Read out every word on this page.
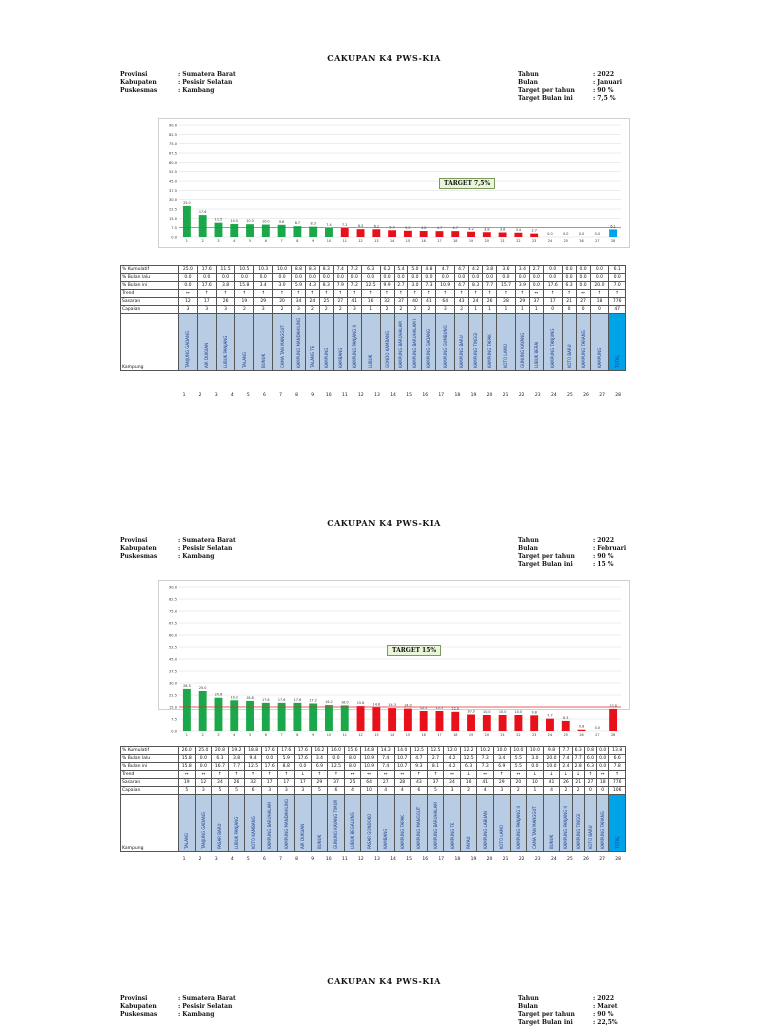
CAKUPAN K4 PWS-KIA
Provinsi	: Sumatera Barat
Kabupaten	: Pesisir Selatan
Puskesmas	: Kambang
Tahun	: 2022
Bulan	: Januari
Target per tahun	: 90 %
Target Bulan ini	: 7,5 %
0.0
7.5
15.0
22.5
30.0
37.5
45.0
52.5
60.0
67.5
75.0
82.5
90.0
25.0
1
17.6
2
11.5
3
10.5
4
10.3
5
10.0
6
9.8
7
8.7
8
8.3
9
7.4
10
7.2
11
6.3
12
6.2
13
5.4
14
5.0
15
4.8
16
4.7
17
4.7
18
4.2
19
3.8
20
3.6
21
3.4
22
2.7
23
0.0
24
0.0
25
0.0
26
0.0
27
6.1
28
TARGET 7,5%
% Kumulatif	25.0	17.6	11.5	10.5	10.3	10.0	8.8	8.3	8.3	7.4	7.2	6.3	6.2	5.4	5.0	4.8	4.7	4.7	4.2	3.8	3.6	3.4	2.7	0.0	0.0	0.0	0.0	6.1
% Bulan lalu	0.0	0.0	0.0	0.0	0.0	0.0	0.0	0.0	0.0	0.0	0.0	0.0	0.0	0.0	0.0	0.0	0.0	0.0	0.0	0.0	0.0	0.0	0.0	0.0	0.0	0.0	0.0	0.0
% Bulan ini	0.0	17.6	3.8	15.8	3.4	3.0	5.9	4.3	8.3	7.9	7.2	12.5	9.9	2.7	3.0	7.3	10.9	4.7	8.3	7.7	15.7	3.9	0.0	17.6	6.3	0.0	20.0	7.0
Trend	↔	↑	↑	↑	↑	↑	↑	↑	↑	↑	↑	↑	↑	↑	↑	↑	↑	↑	↑	↑	↑	↑	↔	↑	↑	↔	↑	↑
Sasaran	12	17	26	19	29	20	34	24	25	27	41	16	32	37	40	41	64	43	24	26	28	29	37	17	21	27	18	776
Capaian	3	3	3	2	3	2	3	2	2	2	3	1	2	2	2	2	3	2	1	1	1	1	1	0	0	0	0	47
Kampung	TANJUNG GADANG	AIR DUKUAN	LUBUK PANJANG	TALANG	BUNUK	CAMA TAN MANGGUT	KAMPUNG MANDAHILING	TALANG TE	KAMPUNG	KAMBANG	KAMPUNG PANJANG II	LUBUK	GONDO KAMBANG	KAMPUNG BARUHALAM	KAMPUNG BARUHALAM I	KAMPUNG GADANG	KAMPUNG GUMBUNG	KAMPUNG BARU	KAMPUNG TINGGI	KAMPUNG TAPAK	KOTO LAMO	GUNUNG KAYANG	LUBUK BERAI	KAMPUNG TANJUNG	KOTO BARU	KAMPUNG TARANG	KAMPUNG	TOTAL
1	2	3	4	5	6	7	8	9	10	11	12	13	14	15	16	17	18	19	20	21	22	23	24	25	26	27	28
CAKUPAN K4 PWS-KIA
Provinsi	: Sumatera Barat
Kabupaten	: Pesisir Selatan
Puskesmas	: Kambang
Tahun	: 2022
Bulan	: Februari
Target per tahun	: 90 %
Target Bulan ini	: 15 %
0.0
7.5
15.0
22.5
30.0
37.5
45.0
52.5
60.0
67.5
75.0
82.5
90.0
26.3
1
25.0
2
20.8
3
19.2
4
18.8
5
17.6
6
17.6
7
17.6
8
17.2
9
16.2
10
16.0
11
15.6
12
14.8
13
14.3
14
14.0
15
12.5
16
12.5
17
12.0
18
10.3
19
10.0
20
10.0
21
10.0
22
9.8
23
7.7
24
6.3
25
0.8
26
0.0
27
13.8
28
TARGET 15%
% Kumulatif	26.0	25.0	20.8	19.2	18.8	17.6	17.6	17.6	16.2	16.0	15.6	14.8	14.3	14.0	12.5	12.5	12.0	12.2	10.2	10.0	10.0	10.0	9.8	7.7	6.3	0.8	0.0	13.8
% Bulan lalu	15.8	0.0	6.3	3.8	9.4	0.0	5.9	17.6	3.4	0.0	8.0	10.9	7.4	10.7	4.7	2.7	4.2	12.5	7.3	3.4	5.5	3.0	20.0	7.4	7.7	6.0	0.0	6.6
% Bulan ini	15.8	0.0	16.7	7.7	12.5	17.6	8.8	0.0	6.9	12.5	8.0	10.9	7.4	10.7	9.3	8.1	4.2	6.3	7.3	6.9	5.5	0.0	10.0	2.4	2.8	6.3	0.0	7.8
Trend	↔	↔	↑	↑	↑	↑	↑	↓	↑	↑	↔	↔	↔	↔	↑	↑	↔	↓	↔	↑	↔	↓	↓	↓	↓	↑	↔	↑
Sasaran	19	12	24	26	32	17	17	17	29	37	25	64	27	28	43	37	24	16	41	29	20	10	41	26	21	27	18	776
Capaian	5	3	5	5	6	3	3	3	5	6	4	10	4	4	6	5	3	2	4	3	2	1	4	2	2	0	0	106
Kampung	TALANG	TANJUNG GADANG	PASAR BARU	LUBUK PANJANG	KOTO KAMBANG	KAMPUNG BARUHALAM	KAMPUNG MANDAHILING	AIR DUKUAN	BUNUK	GUNUNG KAYANG TIMUR	LUBUK BEGALUNG	PASAR GONDOKO	KAMBANG	KAMPUNG TAPAK	KAMPUNG MANGGUT	KAMPUNG BARUHALAM	KAMPUNG TE	PAYAU	KAMPUNG LABUAN	KOTO LAMO	KAMPUNG PANJANG II	CAMA TAN MANGGUT	BUNUK	KAMPUNG PANJANG II	KAMPUNG TINGGI	KOTO BARU	KAMPUNG TARANG	TOTAL
1	2	3	4	5	6	7	8	9	10	11	12	13	14	15	16	17	18	19	20	21	22	23	24	25	26	27	28
CAKUPAN K4 PWS-KIA
Provinsi	: Sumatera Barat
Kabupaten	: Pesisir Selatan
Puskesmas	: Kambang
Tahun	: 2022
Bulan	: Maret
Target per tahun	: 90 %
Target Bulan ini	: 22,5%
